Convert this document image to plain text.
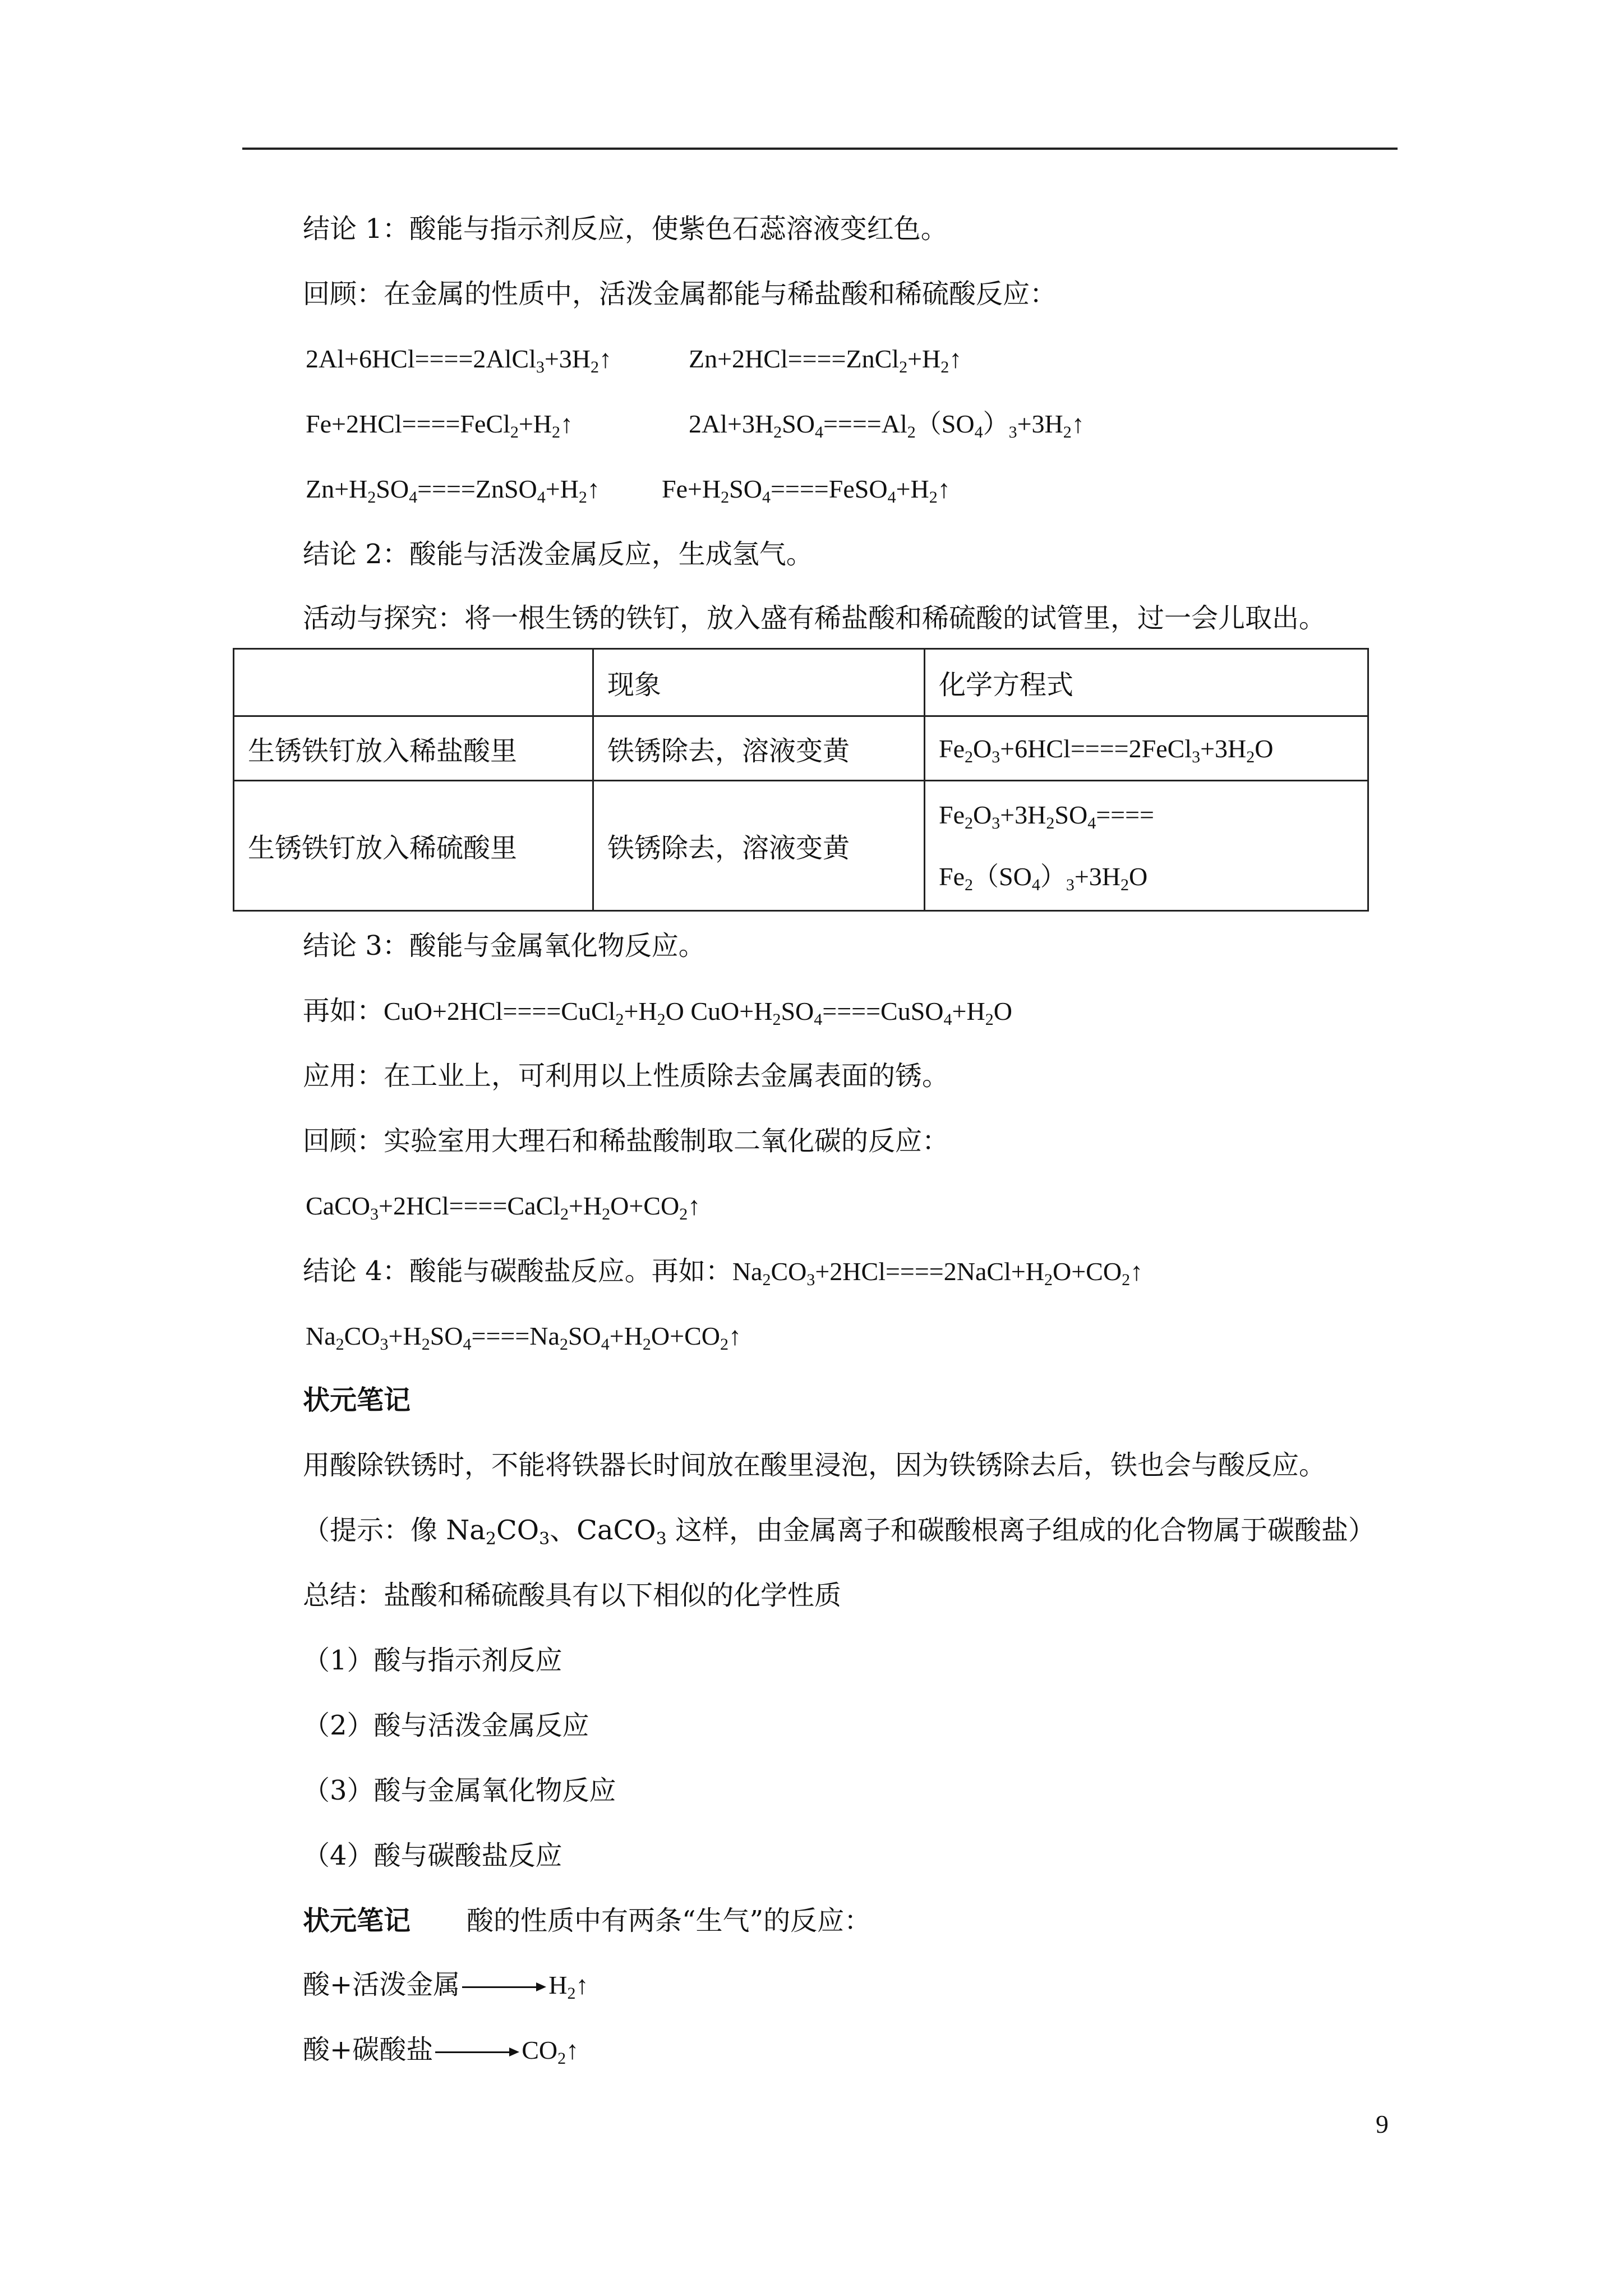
结论 1：酸能与指示剂反应，使紫色石蕊溶液变红色。
回顾：在金属的性质中，活泼金属都能与稀盐酸和稀硫酸反应：
$2Al+6HCl====2AlCl_3+3H_2↑$	$Zn+2HCl====ZnCl_2+H_2↑$
$Fe+2HCl====FeCl_2+H_2↑$	$2Al+3H_2SO_4====Al_2(SO_4)_3+3H_2↑$
$Zn+H_2SO_4====ZnSO_4+H_2↑$ $Fe+H_2SO_4====FeSO_4+H_2↑$
结论 2：酸能与活泼金属反应，生成氢气。
活动与探究：将一根生锈的铁钉，放入盛有稀盐酸和稀硫酸的试管里，过一会儿取出。
	现象	化学方程式
生锈铁钉放入稀盐酸里	铁锈除去，溶液变黄	$Fe_2O_3+6HCl====2FeCl_3+3H_2O$
生锈铁钉放入稀硫酸里	铁锈除去，溶液变黄	$Fe_2O_3+3H_2SO_4====$
$Fe_2(SO_4)_3+3H_2O$
结论 3：酸能与金属氧化物反应。
再如：$CuO+2HCl====CuCl_2+H_2O$ $CuO+H_2SO_4====CuSO_4+H_2O$
应用：在工业上，可利用以上性质除去金属表面的锈。
回顾：实验室用大理石和稀盐酸制取二氧化碳的反应：
$CaCO_3+2HCl====CaCl_2+H_2O+CO_2↑$
结论 4：酸能与碳酸盐反应。再如：$Na_2CO_3+2HCl====2NaCl+H_2O+CO_2↑$
$Na_2CO_3+H_2SO_4====Na_2SO_4+H_2O+CO_2↑$
状元笔记
用酸除铁锈时，不能将铁器长时间放在酸里浸泡，因为铁锈除去后，铁也会与酸反应。
（提示：像 $Na_2CO_3$、CaCO$_3$ 这样，由金属离子和碳酸根离子组成的化合物属于碳酸盐）
总结：盐酸和稀硫酸具有以下相似的化学性质
（1）酸与指示剂反应
（2）酸与活泼金属反应
（3）酸与金属氧化物反应
（4）酸与碳酸盐反应
状元笔记 酸的性质中有两条“生气”的反应：
酸+活泼金属	$H_2↑$
酸+碳酸盐	$CO_2↑$
9
